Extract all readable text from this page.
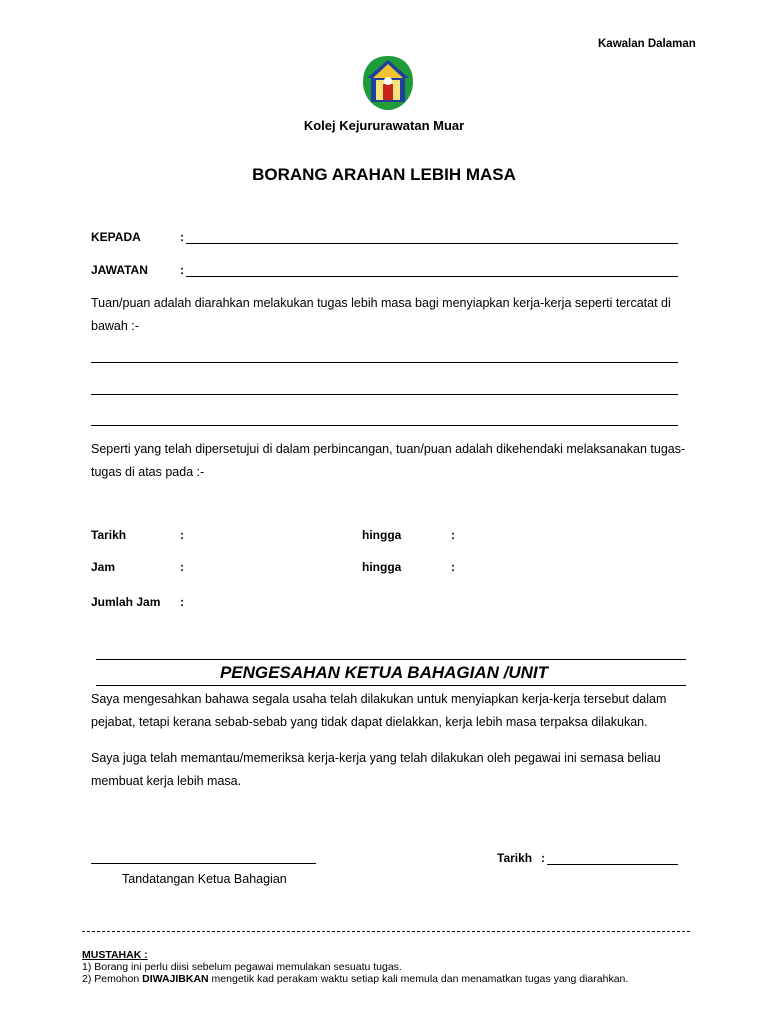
Kawalan Dalaman
Kolej Kejururawatan Muar
BORANG ARAHAN LEBIH MASA
KEPADA	:
JAWATAN	:
Tuan/puan adalah diarahkan melakukan tugas lebih masa bagi menyiapkan kerja-kerja seperti tercatat di bawah :-
Seperti yang telah dipersetujui di dalam perbincangan, tuan/puan adalah dikehendaki melaksanakan tugas-tugas di atas pada :-
Tarikh	:	hingga	:
Jam	:	hingga	:
Jumlah Jam :
PENGESAHAN KETUA BAHAGIAN /UNIT
Saya mengesahkan bahawa segala usaha telah dilakukan untuk menyiapkan kerja-kerja tersebut dalam pejabat, tetapi kerana sebab-sebab yang tidak dapat dielakkan, kerja lebih masa terpaksa dilakukan.
Saya juga telah memantau/memeriksa kerja-kerja yang telah dilakukan oleh pegawai ini semasa beliau membuat kerja lebih masa.
Tandatangan Ketua Bahagian
Tarikh :
MUSTAHAK :
1) Borang ini perlu diisi sebelum pegawai memulakan sesuatu tugas.
2) Pemohon DIWAJIBKAN mengetik kad perakam waktu setiap kali memula dan menamatkan tugas yang diarahkan.
